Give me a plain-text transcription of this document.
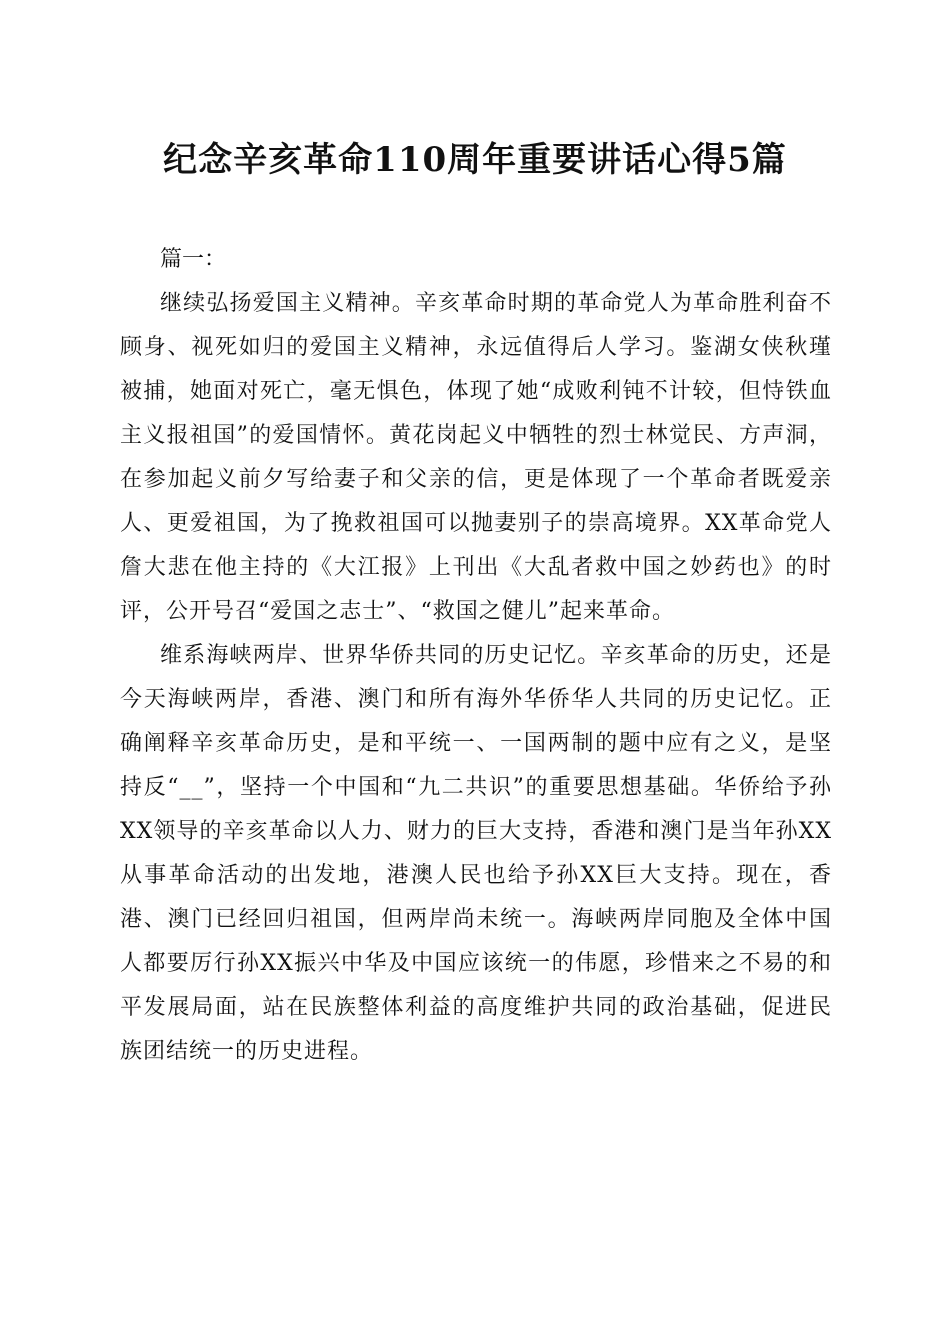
纪念辛亥革命110周年重要讲话心得5篇

篇一：

继续弘扬爱国主义精神。辛亥革命时期的革命党人为革命胜利奋不顾身、视死如归的爱国主义精神，永远值得后人学习。鉴湖女侠秋瑾被捕，她面对死亡，毫无惧色，体现了她“成败利钝不计较，但恃铁血主义报祖国”的爱国情怀。黄花岗起义中牺牲的烈士林觉民、方声洞，在参加起义前夕写给妻子和父亲的信，更是体现了一个革命者既爱亲人、更爱祖国，为了挽救祖国可以抛妻别子的崇高境界。XX革命党人詹大悲在他主持的《大江报》上刊出《大乱者救中国之妙药也》的时评，公开号召“爱国之志士”、“救国之健儿”起来革命。

维系海峡两岸、世界华侨共同的历史记忆。辛亥革命的历史，还是今天海峡两岸，香港、澳门和所有海外华侨华人共同的历史记忆。正确阐释辛亥革命历史，是和平统一、一国两制的题中应有之义，是坚持反“__”，坚持一个中国和“九二共识”的重要思想基础。华侨给予孙XX领导的辛亥革命以人力、财力的巨大支持，香港和澳门是当年孙XX从事革命活动的出发地，港澳人民也给予孙XX巨大支持。现在，香港、澳门已经回归祖国，但两岸尚未统一。海峡两岸同胞及全体中国人都要厉行孙XX振兴中华及中国应该统一的伟愿，珍惜来之不易的和平发展局面，站在民族整体利益的高度维护共同的政治基础，促进民族团结统一的历史进程。
